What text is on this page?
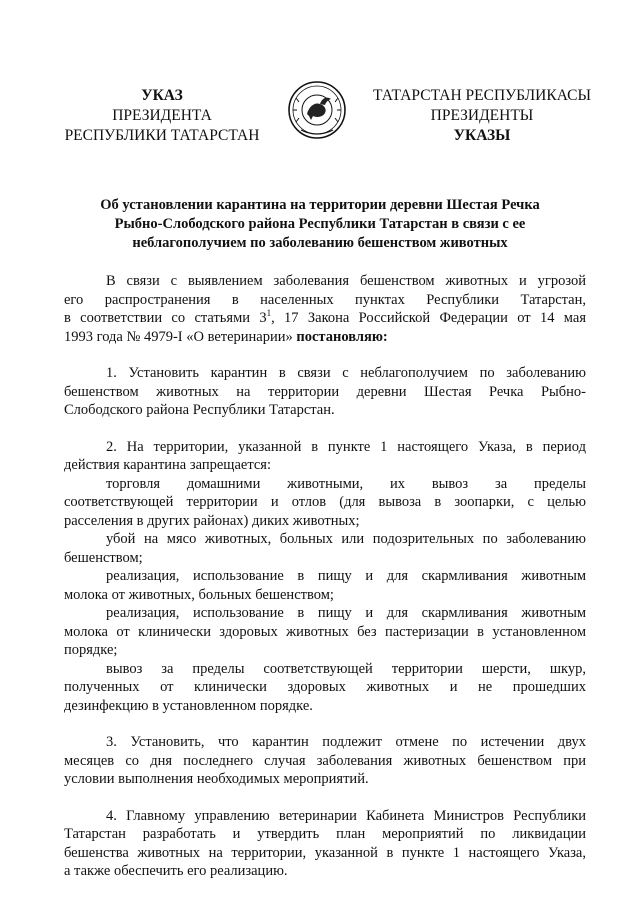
УКАЗ
ПРЕЗИДЕНТА
РЕСПУБЛИКИ ТАТАРСТАН
ТАТАРСТАН РЕСПУБЛИКАСЫ
ПРЕЗИДЕНТЫ
УКАЗЫ
Об установлении карантина на территории деревни Шестая Речка
Рыбно-Слободского района Республики Татарстан в связи с ее
неблагополучием по заболеванию бешенством животных
В связи с выявлением заболевания бешенством животных и угрозой
его распространения в населенных пунктах Республики Татарстан,
в соответствии со статьями $3^1$, 17 Закона Российской Федерации от 14 мая
1993 года № 4979-I «О ветеринарии» постановляю:
1. Установить карантин в связи с неблагополучием по заболеванию
бешенством животных на территории деревни Шестая Речка Рыбно-
Слободского района Республики Татарстан.
2. На территории, указанной в пункте 1 настоящего Указа, в период
действия карантина запрещается:
торговля домашними животными, их вывоз за пределы
соответствующей территории и отлов (для вывоза в зоопарки, с целью
расселения в других районах) диких животных;
убой на мясо животных, больных или подозрительных по заболеванию
бешенством;
реализация, использование в пищу и для скармливания животным
молока от животных, больных бешенством;
реализация, использование в пищу и для скармливания животным
молока от клинически здоровых животных без пастеризации в установленном
порядке;
вывоз за пределы соответствующей территории шерсти, шкур,
полученных от клинически здоровых животных и не прошедших
дезинфекцию в установленном порядке.
3. Установить, что карантин подлежит отмене по истечении двух
месяцев со дня последнего случая заболевания животных бешенством при
условии выполнения необходимых мероприятий.
4. Главному управлению ветеринарии Кабинета Министров Республики
Татарстан разработать и утвердить план мероприятий по ликвидации
бешенства животных на территории, указанной в пункте 1 настоящего Указа,
а также обеспечить его реализацию.
